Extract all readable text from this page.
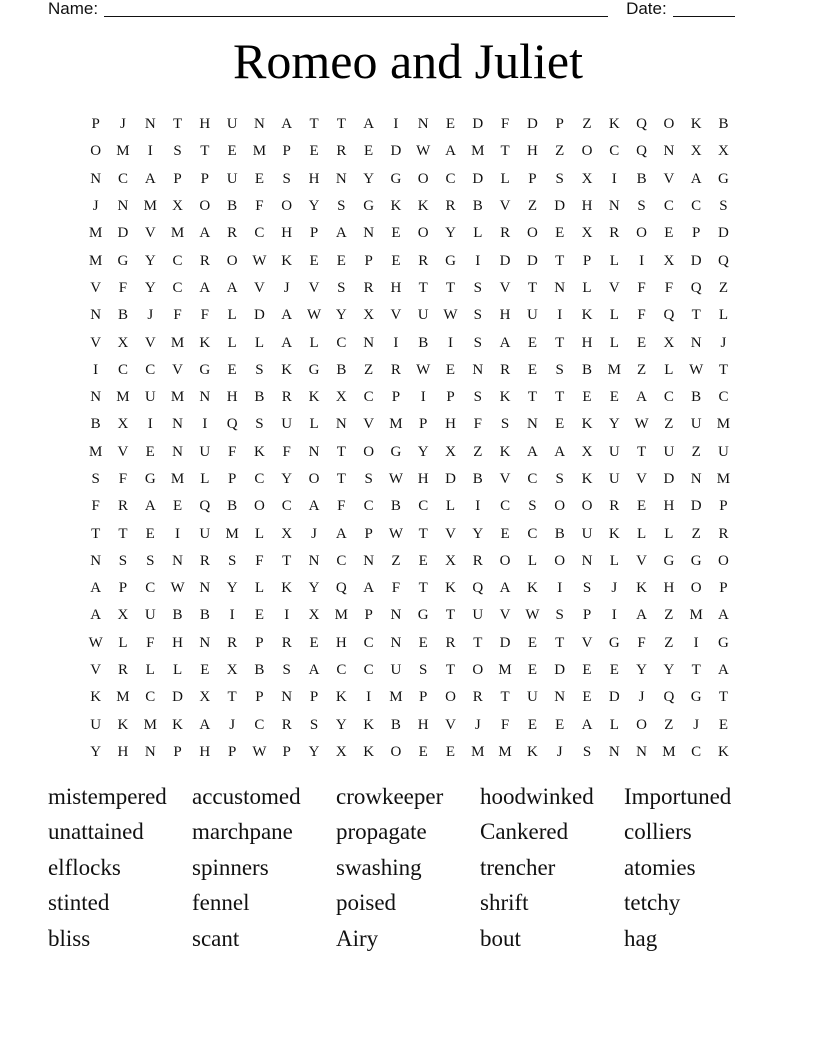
Name:	Date:
Romeo and Juliet
P	J	N	T	H	U	N	A	T	T	A	I	N	E	D	F	D	P	Z	K	Q	O	K	B
O	M	I	S	T	E	M	P	E	R	E	D W A	M	T	H	Z	O	C	Q	N	X	X
N	C	A	P	P	U	E	S	H	N	Y	G	O	C	D	L	P	S	X	I	B	V	A	G
J	N	M	X	O	B	F	O	Y	S	G	K	K	R	B	V	Z	D	H	N	S	C	C	S
M	D	V	M	A	R	C	H	P	A	N	E	O	Y	L	R	O	E	X	R	O	E	P	D
M	G	Y	C	R	O W K	E	E	P	E	R	G	I	D	D	T	P	L	I	X	D	Q
V	F	Y	C	A	A	V	J	V	S	R	H	T	T	S	V	T	N	L	V	F	F	Q	Z
N	B	J	F	F	L	D	A W Y	X	V	U W	S	H	U	I	K	L	F	Q	T	L
V	X	V	M	K	L	L	A	L	C	N	I	B	I	S	A	E	T	H	L	E	X	N	J
I	C	C	V	G	E	S	K	G	B	Z	R	W	E	N	R	E	S	B	M	Z	L	W	T
N	M	U	M	N	H	B	R	K	X	C	P	I	P	S	K	T	T	E	E	A	C	B	C
B	X	I	N	I	Q	S	U	L	N	V	M	P	H	F	S	N	E	K	Y W	Z	U	M
M	V	E	N	U	F	K	F	N	T	O	G	Y	X	Z	K	A	A	X	U	T	U	Z	U
S	F	G	M	L	P	C	Y	O	T	S	W H	D	B	V	C	S	K	U	V	D	N	M
F	R	A	E	Q	B	O	C	A	F	C	B	C	L	I	C	S	O	O	R	E	H	D	P
T	T	E	I	U	M	L	X	J	A	P	W	T	V	Y	E	C	B	U	K	L	L	Z	R
N	S	S	N	R	S	F	T	N	C	N	Z	E	X	R	O	L	O	N	L	V	G	G	O
A	P	C	W N	Y	L	K	Y	Q	A	F	T	K	Q	A	K	I	S	J	K	H	O	P
A	X	U	B	B	I	E	I	X	M	P	N	G	T	U	V W	S	P	I	A	Z	M	A
W	L	F	H	N	R	P	R	E	H	C	N	E	R	T	D	E	T	V	G	F	Z	I	G
V	R	L	L	E	X	B	S	A	C	C	U	S	T	O	M	E	D	E	E	Y	Y	T	A
K	M	C	D	X	T	P	N	P	K	I	M	P	O	R	T	U	N	E	D	J	Q	G	T
U	K	M	K	A	J	C	R	S	Y	K	B	H	V	J	F	E	E	A	L	O	Z	J	E
Y	H	N	P	H	P	W	P	Y	X	K	O	E	E	M M	K	J	S	N	N	M	C	K
mistempered	accustomed	crowkeeper	hoodwinked	Importuned
unattained	marchpane	propagate	Cankered	colliers
elflocks	spinners	swashing	trencher	atomies
stinted	fennel	poised	shrift	tetchy
bliss	scant	Airy	bout	hag
